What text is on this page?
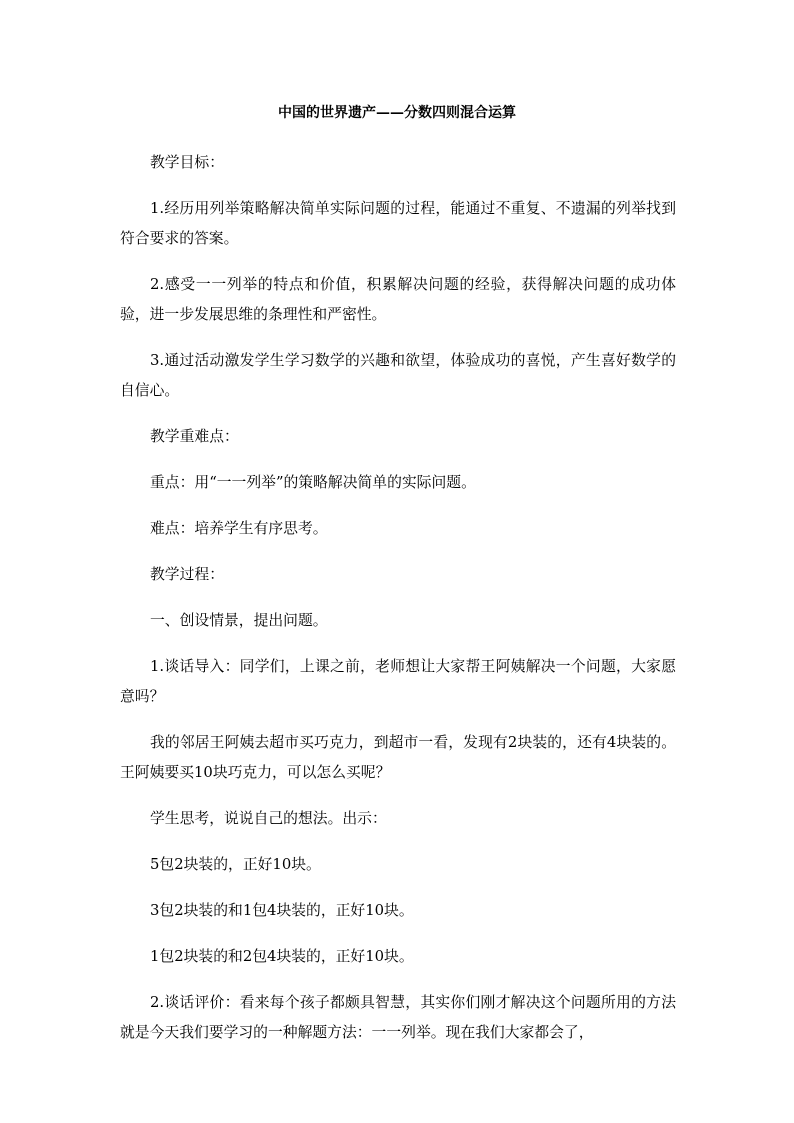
中国的世界遗产——分数四则混合运算

教学目标：

1.经历用列举策略解决简单实际问题的过程，能通过不重复、不遗漏的列举找到符合要求的答案。

2.感受一一列举的特点和价值，积累解决问题的经验，获得解决问题的成功体验，进一步发展思维的条理性和严密性。

3.通过活动激发学生学习数学的兴趣和欲望，体验成功的喜悦，产生喜好数学的自信心。

教学重难点：

重点：用“一一列举”的策略解决简单的实际问题。

难点：培养学生有序思考。

教学过程：

一、创设情景，提出问题。

1.谈话导入：同学们，上课之前，老师想让大家帮王阿姨解决一个问题，大家愿意吗？

我的邻居王阿姨去超市买巧克力，到超市一看，发现有2块装的，还有4块装的。王阿姨要买10块巧克力，可以怎么买呢？

学生思考，说说自己的想法。出示：

5包2块装的，正好10块。

3包2块装的和1包4块装的，正好10块。

1包2块装的和2包4块装的，正好10块。

2.谈话评价：看来每个孩子都颇具智慧，其实你们刚才解决这个问题所用的方法就是今天我们要学习的一种解题方法：一一列举。现在我们大家都会了，
